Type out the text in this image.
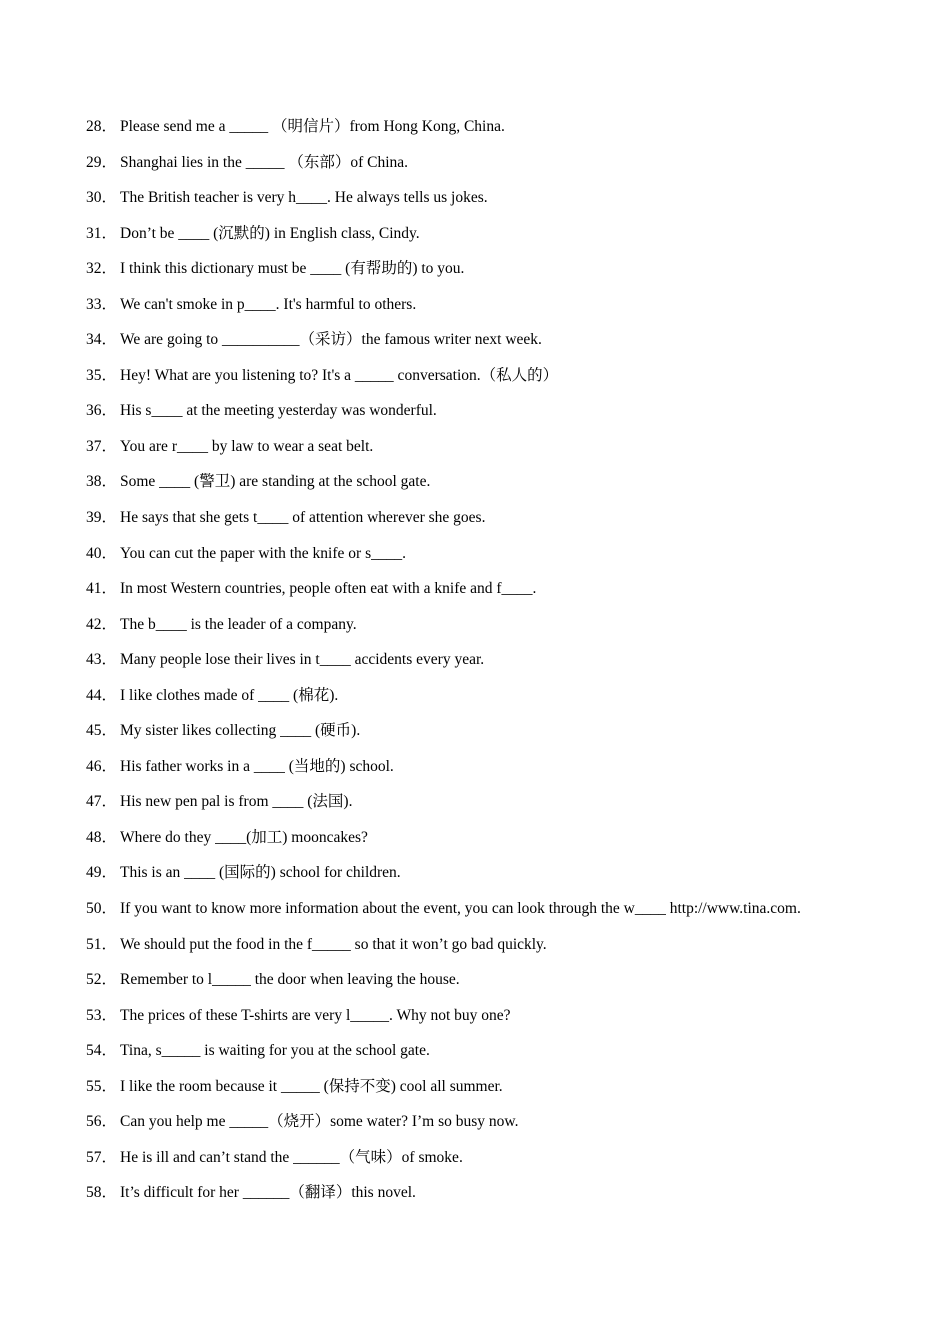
28． Please send me a _____ （明信片）from Hong Kong, China.
29． Shanghai lies in the _____ （东部）of China.
30． The British teacher is very h____. He always tells us jokes.
31． Don’t be ____ (沉默的) in English class, Cindy.
32． I think this dictionary must be ____ (有帮助的) to you.
33． We can't smoke in p____. It's harmful to others.
34． We are going to __________（采访）the famous writer next week.
35． Hey! What are you listening to? It's a _____ conversation.（私人的）
36． His s____ at the meeting yesterday was wonderful.
37． You are r____ by law to wear a seat belt.
38． Some ____ (警卫) are standing at the school gate.
39． He says that she gets t____ of attention wherever she goes.
40． You can cut the paper with the knife or s____.
41． In most Western countries, people often eat with a knife and f____.
42． The b____ is the leader of a company.
43． Many people lose their lives in t____ accidents every year.
44． I like clothes made of ____ (棉花).
45． My sister likes collecting ____ (硬币).
46． His father works in a ____ (当地的) school.
47． His new pen pal is from ____ (法国).
48． Where do they ____(加工) mooncakes?
49． This is an ____ (国际的) school for children.
50． If you want to know more information about the event, you can look through the w____ http://www.tina.com.
51． We should put the food in the f_____ so that it won’t go bad quickly.
52． Remember to l_____ the door when leaving the house.
53． The prices of these T-shirts are very l_____. Why not buy one?
54． Tina, s_____ is waiting for you at the school gate.
55． I like the room because it _____ (保持不变) cool all summer.
56． Can you help me _____（烧开）some water? I’m so busy now.
57． He is ill and can’t stand the ______（气味）of smoke.
58． It’s difficult for her ______（翻译）this novel.
